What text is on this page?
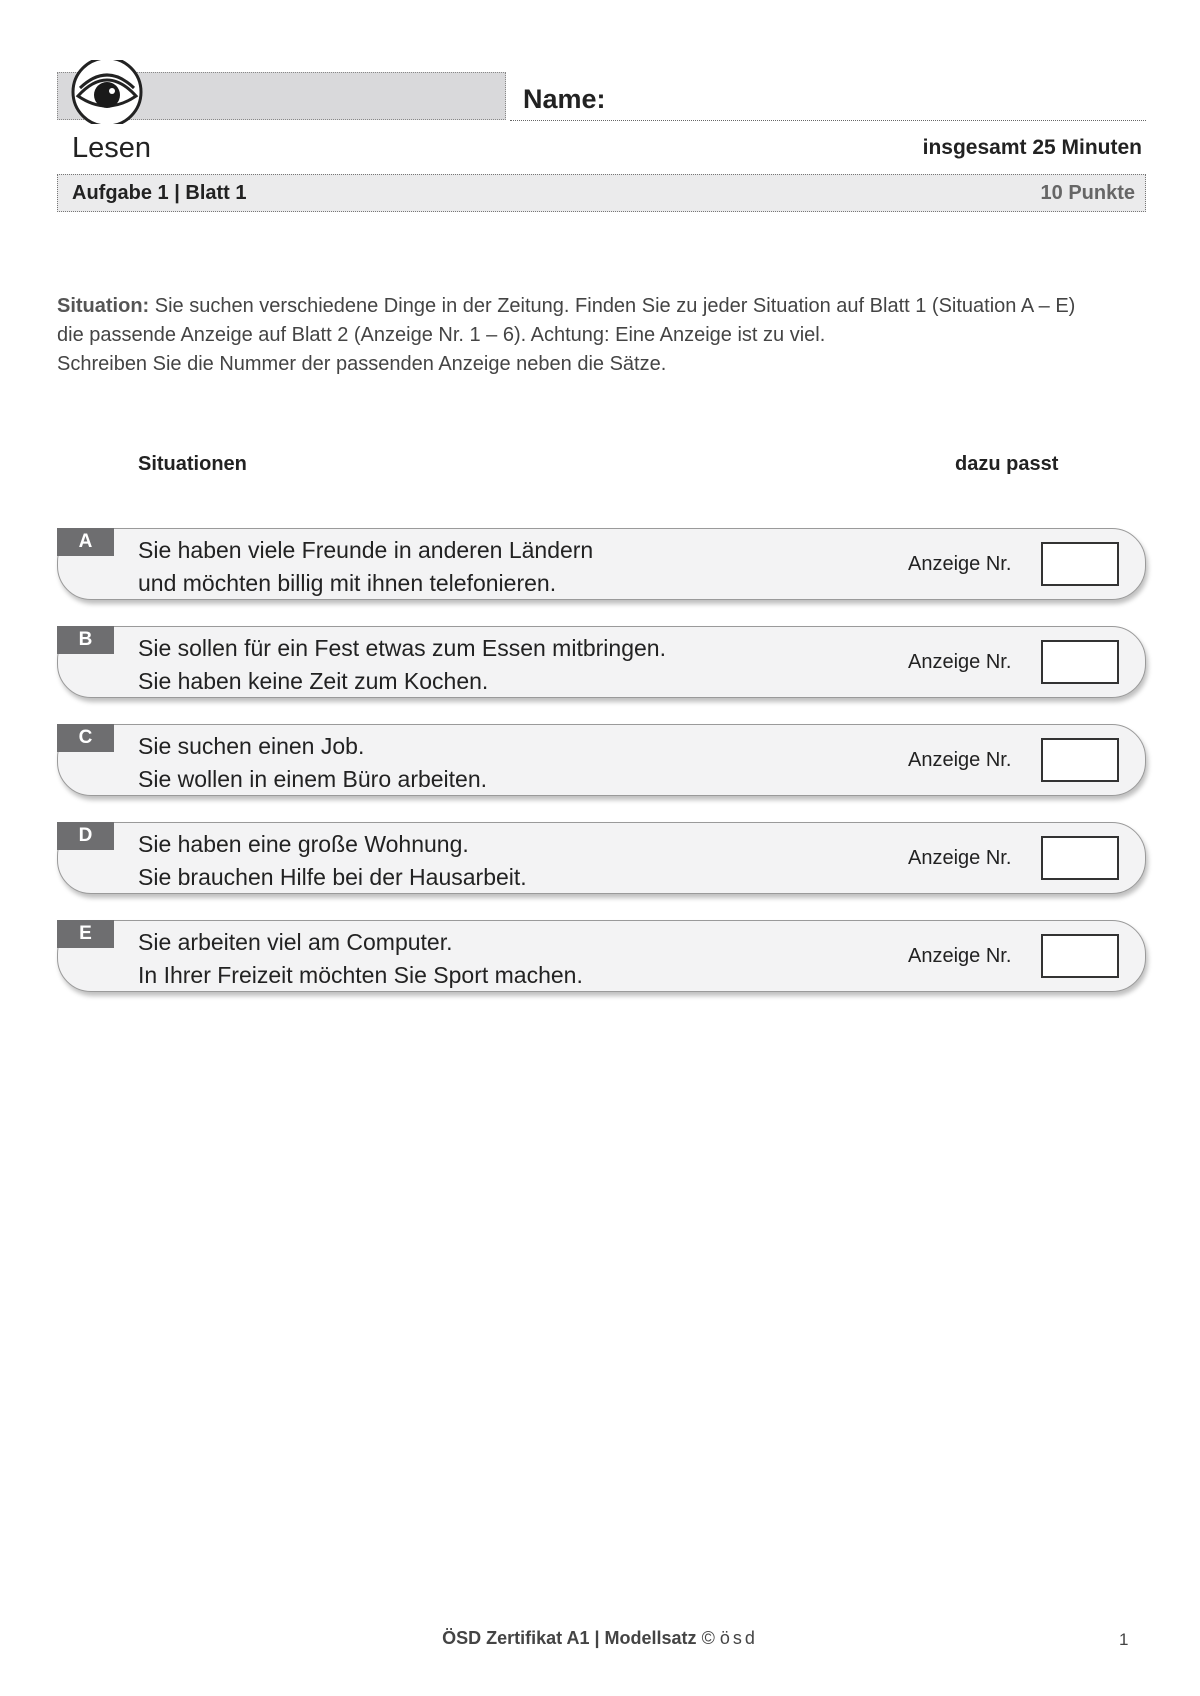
Name:
Lesen	insgesamt 25 Minuten
Aufgabe 1 | Blatt 1	10 Punkte
Situation: Sie suchen verschiedene Dinge in der Zeitung. Finden Sie zu jeder Situation auf Blatt 1 (Situation A – E)
die passende Anzeige auf Blatt 2 (Anzeige Nr. 1 – 6). Achtung: Eine Anzeige ist zu viel.
Schreiben Sie die Nummer der passenden Anzeige neben die Sätze.
Situationen	dazu passt
A	Sie haben viele Freunde in anderen Ländern
und möchten billig mit ihnen telefonieren.
Anzeige Nr.
B	Sie sollen für ein Fest etwas zum Essen mitbringen.
Sie haben keine Zeit zum Kochen.
Anzeige Nr.
C	Sie suchen einen Job.
Sie wollen in einem Büro arbeiten.
Anzeige Nr.
D	Sie haben eine große Wohnung.
Sie brauchen Hilfe bei der Hausarbeit.
Anzeige Nr.
E	Sie arbeiten viel am Computer.
In Ihrer Freizeit möchten Sie Sport machen.
Anzeige Nr.
ÖSD Zertifikat A1 | Modellsatz © ösd	1
